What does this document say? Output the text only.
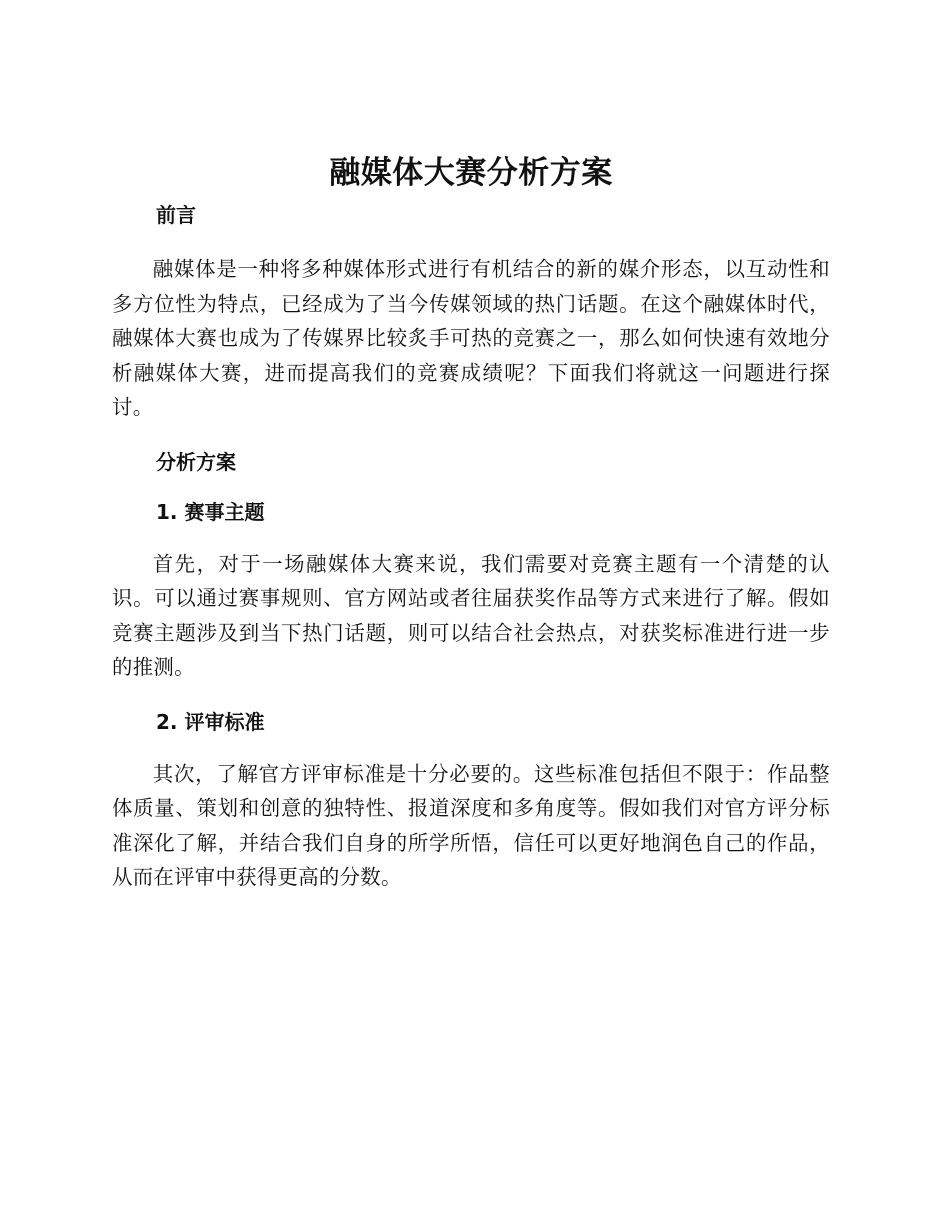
融媒体大赛分析方案
前言

融媒体是一种将多种媒体形式进行有机结合的新的媒介形态，以互动性和多方位性为特点，已经成为了当今传媒领域的热门话题。在这个融媒体时代，融媒体大赛也成为了传媒界比较炙手可热的竞赛之一，那么如何快速有效地分析融媒体大赛，进而提高我们的竞赛成绩呢？下面我们将就这一问题进行探讨。

分析方案
1. 赛事主题

首先，对于一场融媒体大赛来说，我们需要对竞赛主题有一个清楚的认识。可以通过赛事规则、官方网站或者往届获奖作品等方式来进行了解。假如竞赛主题涉及到当下热门话题，则可以结合社会热点，对获奖标准进行进一步的推测。

2. 评审标准

其次，了解官方评审标准是十分必要的。这些标准包括但不限于：作品整体质量、策划和创意的独特性、报道深度和多角度等。假如我们对官方评分标准深化了解，并结合我们自身的所学所悟，信任可以更好地润色自己的作品，从而在评审中获得更高的分数。
